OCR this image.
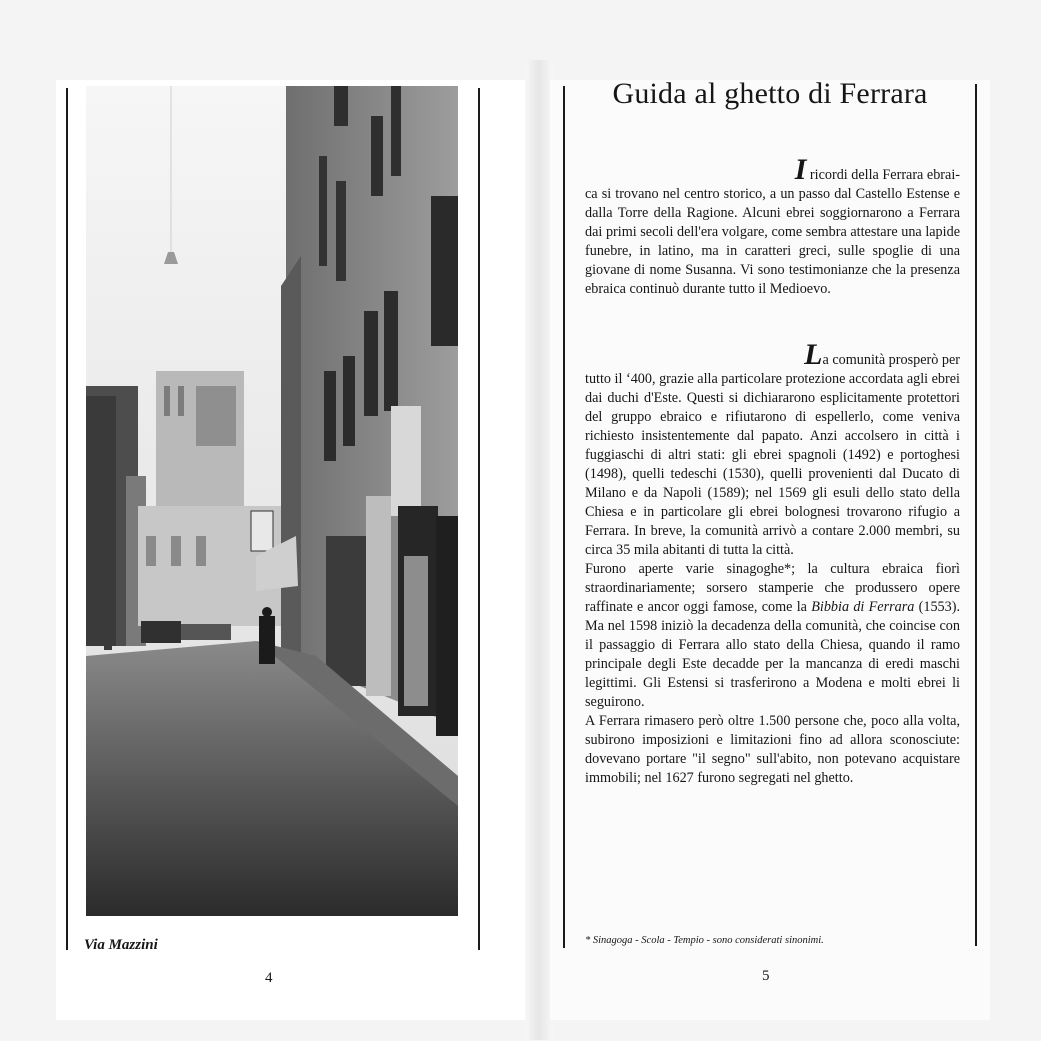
Via Mazzini
4
Guida al ghetto di Ferrara
I ricordi della Ferrara ebrai-
ca si trovano nel centro storico, a un passo dal Castello Estense e dalla Torre della Ragione. Alcuni ebrei soggiornarono a Ferrara dai primi secoli dell'era volgare, come sembra attestare una lapide funebre, in latino, ma in caratteri greci, sulle spoglie di una giovane di nome Susanna. Vi sono testimonianze che la presenza ebraica continuò durante tutto il Medioevo.
La comunità prosperò per
tutto il ‘400, grazie alla particolare protezione accordata agli ebrei dai duchi d'Este. Questi si dichiararono esplicitamente protettori del gruppo ebraico e rifiutarono di espellerlo, come veniva richiesto insistentemente dal papato. Anzi accolsero in città i fuggiaschi di altri stati: gli ebrei spagnoli (1492) e portoghesi (1498), quelli tedeschi (1530), quelli provenienti dal Ducato di Milano e da Napoli (1589); nel 1569 gli esuli dello stato della Chiesa e in particolare gli ebrei bolognesi trovarono rifugio a Ferrara. In breve, la comunità arrivò a contare 2.000 membri, su circa 35 mila abitanti di tutta la città.
Furono aperte varie sinagoghe*; la cultura ebraica fiorì straordinariamente; sorsero stamperie che produssero opere raffinate e ancor oggi famose, come la Bibbia di Ferrara (1553). Ma nel 1598 iniziò la decadenza della comunità, che coincise con il passaggio di Ferrara allo stato della Chiesa, quando il ramo principale degli Este decadde per la mancanza di eredi maschi legittimi. Gli Estensi si trasferirono a Modena e molti ebrei li seguirono.
A Ferrara rimasero però oltre 1.500 persone che, poco alla volta, subirono imposizioni e limitazioni fino ad allora sconosciute: dovevano portare "il segno" sull'abito, non potevano acquistare immobili; nel 1627 furono segregati nel ghetto.
* Sinagoga - Scola - Tempio - sono considerati sinonimi.
5
